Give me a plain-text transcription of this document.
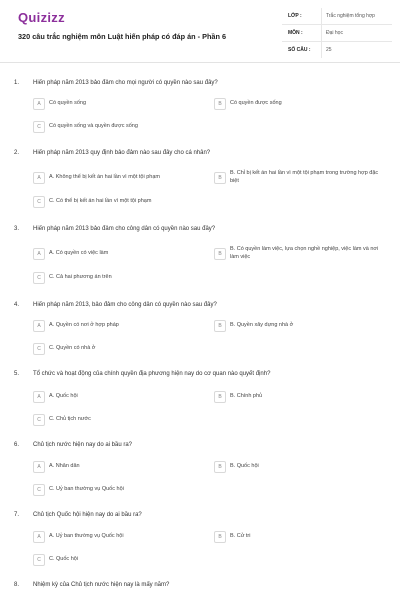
Quizizz
320 câu trắc nghiệm môn Luật hiến pháp có đáp án - Phần 6
LỚP :	Trắc nghiệm tổng hợp
MÔN :	Đại học
SỐ CÂU :	25
1. Hiến pháp năm 2013 bảo đảm cho mọi người có quyền nào sau đây?
A	Có quyền sống	B	Có quyền được sống
C	Có quyền sống và quyền được sống
2. Hiến pháp năm 2013 quy định bảo đảm nào sau đây cho cá nhân?
A	A. Không thể bị kết án hai lần vì một tội phạm	B
B. Chỉ bị kết án hai lần vì một tội phạm trong trường hợp đặc biệt
C	C. Có thể bị kết án hai lần vì một tội phạm
3. Hiến pháp năm 2013 bảo đảm cho công dân có quyền nào sau đây?
A	A. Có quyền có việc làm	B
B. Có quyền làm việc, lựa chọn nghề nghiệp, việc làm và nơi làm việc
C	C. Cả hai phương án trên
4. Hiến pháp năm 2013, bảo đảm cho công dân có quyền nào sau đây?
A	A. Quyền có nơi ở hợp pháp	B	B. Quyền xây dựng nhà ở
C	C. Quyền có nhà ở
5. Tổ chức và hoạt động của chính quyền địa phương hiện nay do cơ quan nào quyết định?
A	A. Quốc hội	B	B. Chính phủ
C	C. Chủ tịch nước
6. Chủ tịch nước hiện nay do ai bầu ra?
A	A. Nhân dân	B	B. Quốc hội
C	C. Uỷ ban thường vụ Quốc hội
7. Chủ tịch Quốc hội hiện nay do ai bầu ra?
A	A. Uỷ ban thường vụ Quốc hội	B	B. Cử tri
C	C. Quốc hội
8. Nhiệm kỳ của Chủ tịch nước hiện nay là mấy năm?
